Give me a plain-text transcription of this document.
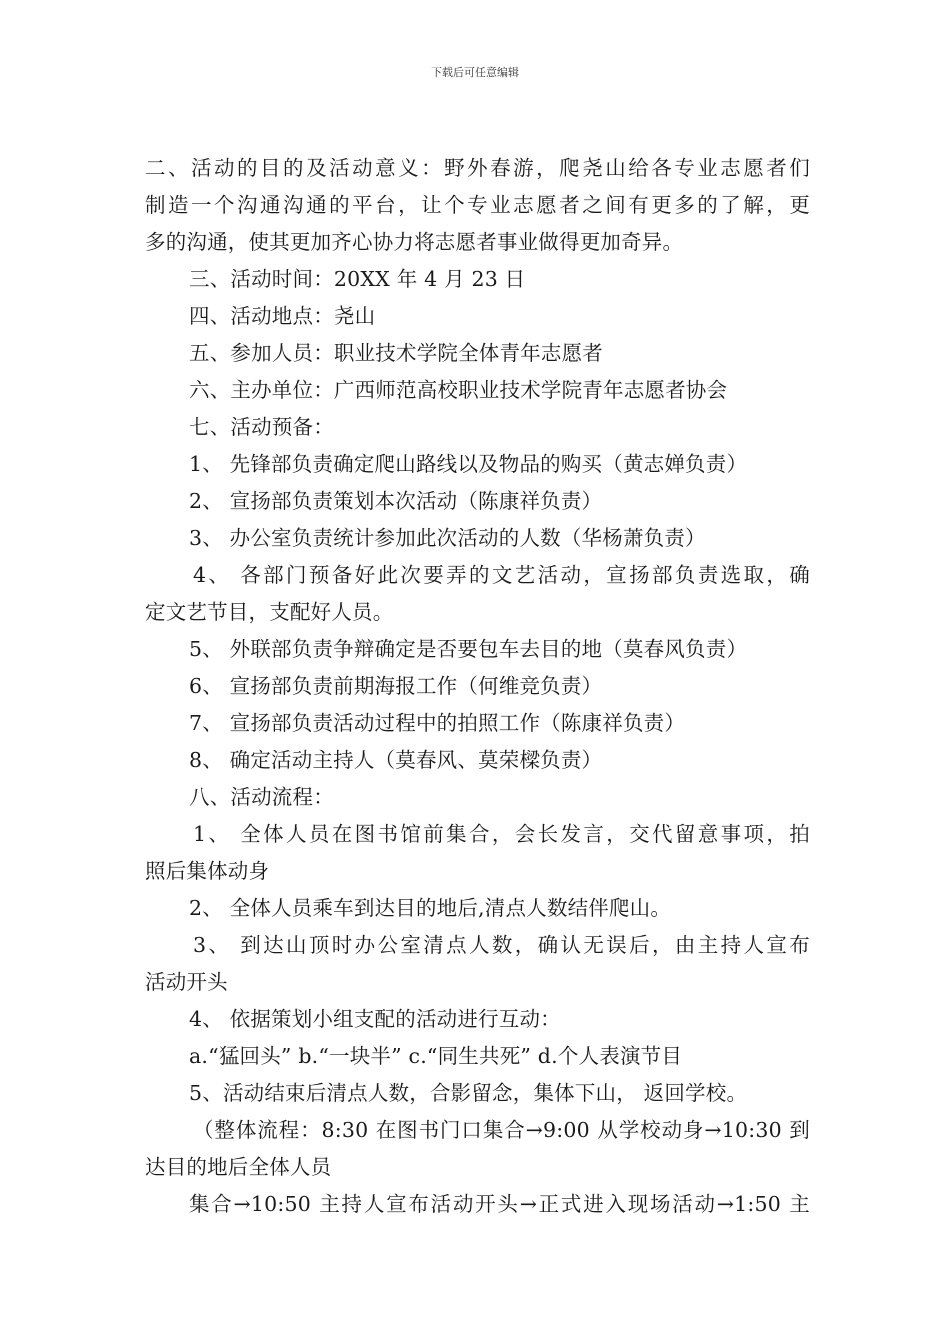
下载后可任意编辑
二、活动的目的及活动意义：野外春游，爬尧山给各专业志愿者们
制造一个沟通沟通的平台，让个专业志愿者之间有更多的了解，更
多的沟通，使其更加齐心协力将志愿者事业做得更加奇异。
三、活动时间：20XX 年 4 月 23 日
四、活动地点：尧山
五、参加人员：职业技术学院全体青年志愿者
六、主办单位：广西师范高校职业技术学院青年志愿者协会
七、活动预备：
1、 先锋部负责确定爬山路线以及物品的购买（黄志婵负责）
2、 宣扬部负责策划本次活动（陈康祥负责）
3、 办公室负责统计参加此次活动的人数（华杨萧负责）
4、 各部门预备好此次要弄的文艺活动，宣扬部负责选取，确
定文艺节目，支配好人员。
5、 外联部负责争辩确定是否要包车去目的地（莫春风负责）
6、 宣扬部负责前期海报工作（何维竞负责）
7、 宣扬部负责活动过程中的拍照工作（陈康祥负责）
8、 确定活动主持人（莫春风、莫荣樑负责）
八、活动流程：
1、 全体人员在图书馆前集合，会长发言，交代留意事项，拍
照后集体动身
2、 全体人员乘车到达目的地后,清点人数结伴爬山。
3、 到达山顶时办公室清点人数，确认无误后，由主持人宣布
活动开头
4、 依据策划小组支配的活动进行互动：
a.“猛回头” b.“一块半” c.“同生共死” d.个人表演节目
5、活动结束后清点人数，合影留念，集体下山， 返回学校。
（整体流程：8:30 在图书门口集合→9:00 从学校动身→10:30 到
达目的地后全体人员
集合→10:50 主持人宣布活动开头→正式进入现场活动→1:50 主
